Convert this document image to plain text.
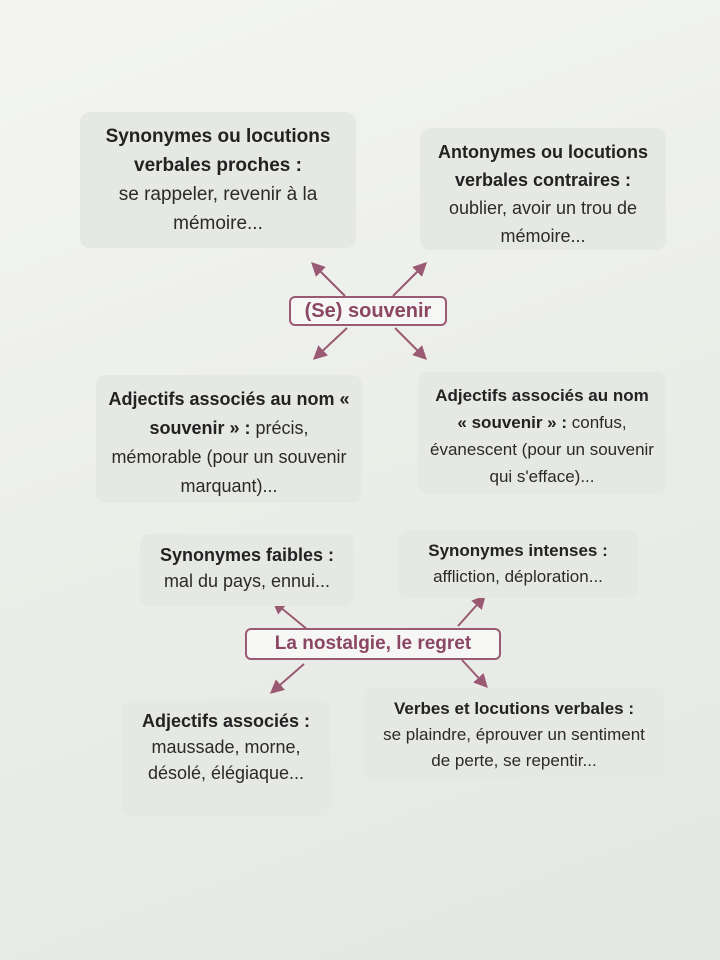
Synonymes ou locutions verbales proches :
se rappeler, revenir à la mémoire...
Antonymes ou locutions verbales contraires :
oublier, avoir un trou de mémoire...
(Se) souvenir
Adjectifs associés au nom « souvenir » : précis, mémorable (pour un souvenir marquant)...
Adjectifs associés au nom « souvenir » : confus, évanescent (pour un souvenir qui s'efface)...
Synonymes faibles :
mal du pays, ennui...
Synonymes intenses :
affliction, déploration...
La nostalgie, le regret
Adjectifs associés : maussade, morne, désolé, élégiaque...
Verbes et locutions verbales :
se plaindre, éprouver un sentiment de perte, se repentir...
